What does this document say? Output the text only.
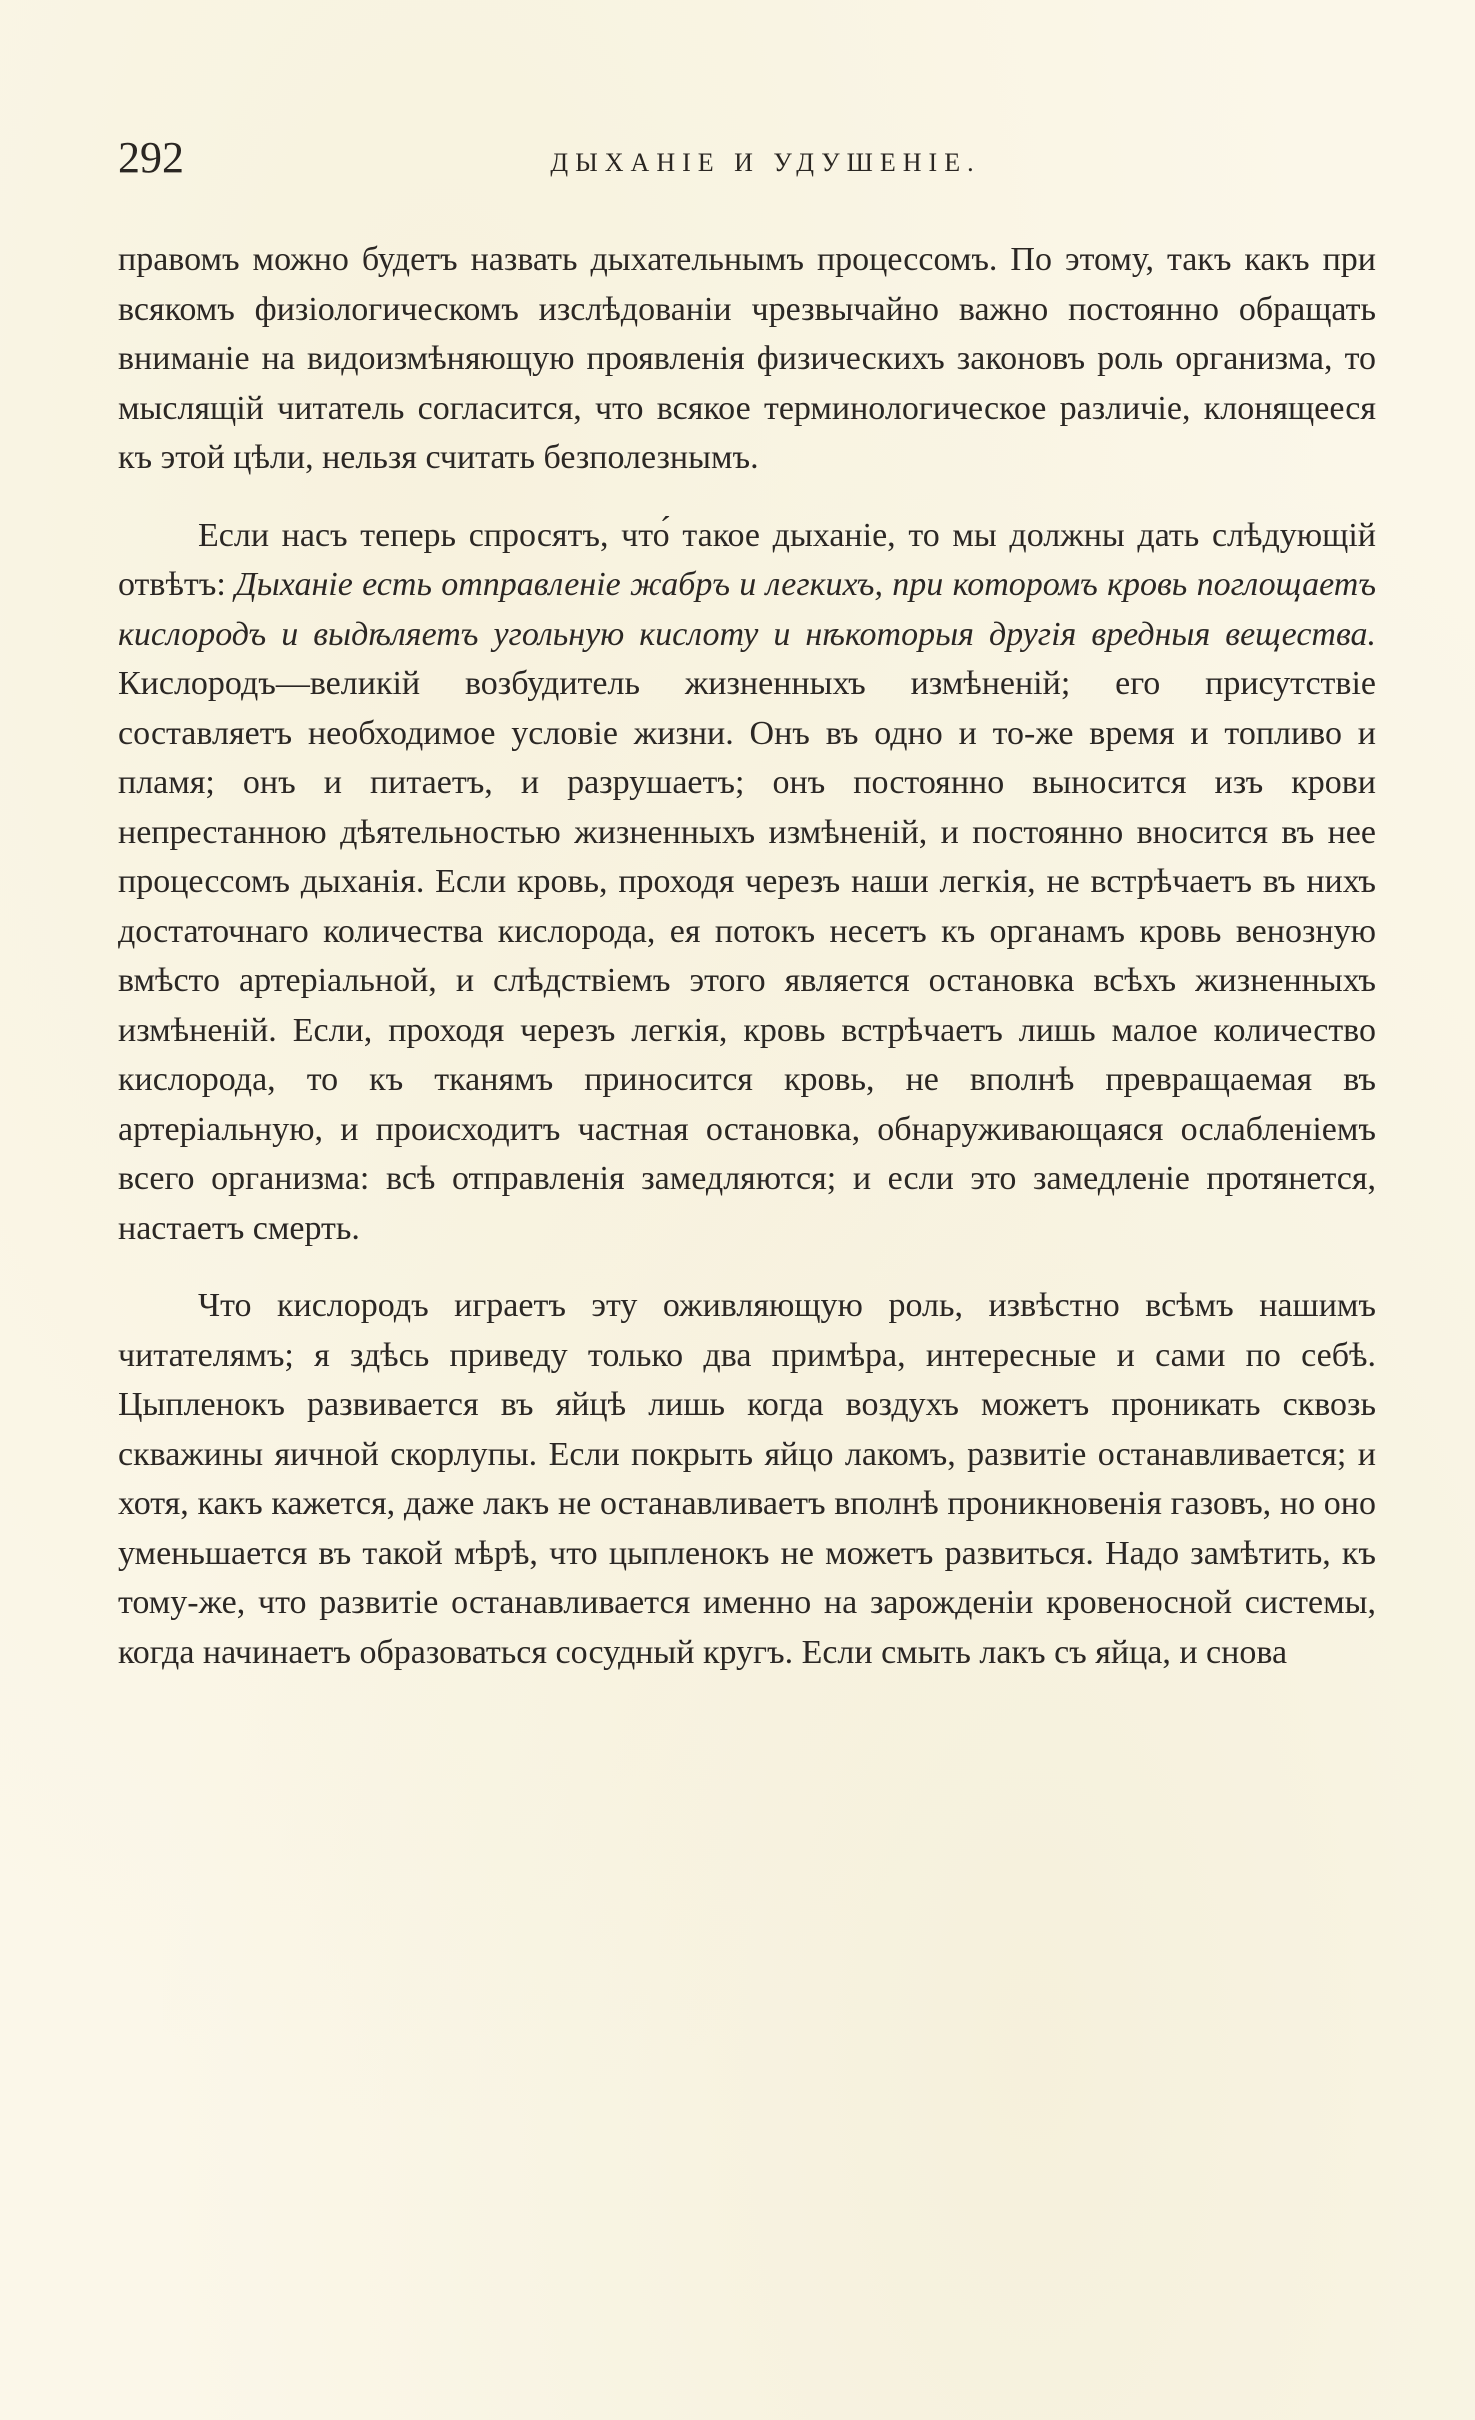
292	ДЫХАНІЕ И УДУШЕНІЕ.

правомъ можно будетъ назвать дыхательнымъ процессомъ. По этому, такъ какъ при всякомъ физіологическомъ изслѣдованіи чрезвычайно важно постоянно обращать вниманіе на видоизмѣняющую проявленія физическихъ законовъ роль организма, то мыслящій читатель согласится, что всякое терминологическое различіе, клонящееся къ этой цѣли, нельзя считать безполезнымъ.

Если насъ теперь спросятъ, что́ такое дыханіе, то мы должны дать слѣдующій отвѣтъ: Дыханіе есть отправленіе жабръ и легкихъ, при которомъ кровь поглощаетъ кислородъ и выдѣляетъ угольную кислоту и нѣкоторыя другія вредныя вещества. Кислородъ—великій возбудитель жизненныхъ измѣненій; его присутствіе составляетъ необходимое условіе жизни. Онъ въ одно и то-же время и топливо и пламя; онъ и питаетъ, и разрушаетъ; онъ постоянно выносится изъ крови непрестанною дѣятельностью жизненныхъ измѣненій, и постоянно вносится въ нее процессомъ дыханія. Если кровь, проходя черезъ наши легкія, не встрѣчаетъ въ нихъ достаточнаго количества кислорода, ея потокъ несетъ къ органамъ кровь венозную вмѣсто артеріальной, и слѣдствіемъ этого является остановка всѣхъ жизненныхъ измѣненій. Если, проходя черезъ легкія, кровь встрѣчаетъ лишь малое количество кислорода, то къ тканямъ приносится кровь, не вполнѣ превращаемая въ артеріальную, и происходитъ частная остановка, обнаруживающаяся ослабленіемъ всего организма: всѣ отправленія замедляются; и если это замедленіе протянется, настаетъ смерть.

Что кислородъ играетъ эту оживляющую роль, извѣстно всѣмъ нашимъ читателямъ; я здѣсь приведу только два примѣра, интересные и сами по себѣ. Цыпленокъ развивается въ яйцѣ лишь когда воздухъ можетъ проникать сквозь скважины яичной скорлупы. Если покрыть яйцо лакомъ, развитіе останавливается; и хотя, какъ кажется, даже лакъ не останавливаетъ вполнѣ проникновенія газовъ, но оно уменьшается въ такой мѣрѣ, что цыпленокъ не можетъ развиться. Надо замѣтить, къ тому-же, что развитіе останавливается именно на зарожденіи кровеносной системы, когда начинаетъ образоваться сосудный кругъ. Если смыть лакъ съ яйца, и снова
